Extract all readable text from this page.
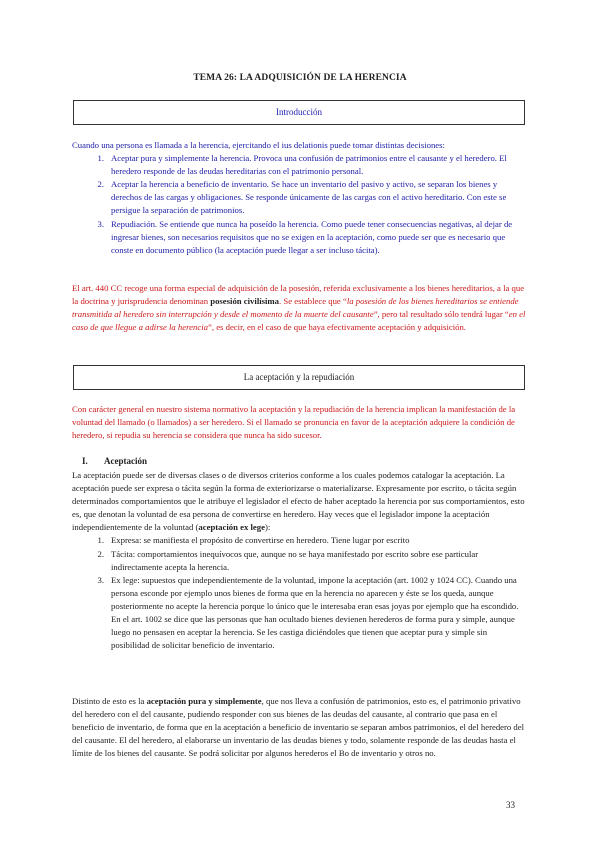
TEMA 26: LA ADQUISICIÓN DE LA HERENCIA
Introducción
Cuando una persona es llamada a la herencia, ejercitando el ius delationis puede tomar distintas decisiones:
1. Aceptar pura y simplemente la herencia. Provoca una confusión de patrimonios entre el causante y el heredero. El heredero responde de las deudas hereditarias con el patrimonio personal.
2. Aceptar la herencia a beneficio de inventario. Se hace un inventario del pasivo y activo, se separan los bienes y derechos de las cargas y obligaciones. Se responde únicamente de las cargas con el activo hereditario. Con este se persigue la separación de patrimonios.
3. Repudiación. Se entiende que nunca ha poseído la herencia. Como puede tener consecuencias negativas, al dejar de ingresar bienes, son necesarios requisitos que no se exigen en la aceptación, como puede ser que es necesario que conste en documento público (la aceptación puede llegar a ser incluso tácita).
El art. 440 CC recoge una forma especial de adquisición de la posesión, referida exclusivamente a los bienes hereditarios, a la que la doctrina y jurisprudencia denominan posesión civilísima. Se establece que “la posesión de los bienes hereditarios se entiende transmitida al heredero sin interrupción y desde el momento de la muerte del causante”, pero tal resultado sólo tendrá lugar “en el caso de que llegue a adirse la herencia”, es decir, en el caso de que haya efectivamente aceptación y adquisición.
La aceptación y la repudiación
Con carácter general en nuestro sistema normativo la aceptación y la repudiación de la herencia implican la manifestación de la voluntad del llamado (o llamados) a ser heredero. Si el llamado se pronuncia en favor de la aceptación adquiere la condición de heredero, si repudia su herencia se considera que nunca ha sido sucesor.
I. Aceptación
La aceptación puede ser de diversas clases o de diversos criterios conforme a los cuales podemos catalogar la aceptación. La aceptación puede ser expresa o tácita según la forma de exteriorizarse o materializarse. Expresamente por escrito, o tácita según determinados comportamientos que le atribuye el legislador el efecto de haber aceptado la herencia por sus comportamientos, esto es, que denotan la voluntad de esa persona de convertirse en heredero. Hay veces que el legislador impone la aceptación independientemente de la voluntad (aceptación ex lege):
1. Expresa: se manifiesta el propósito de convertirse en heredero. Tiene lugar por escrito
2. Tácita: comportamientos inequívocos que, aunque no se haya manifestado por escrito sobre ese particular indirectamente acepta la herencia.
3. Ex lege: supuestos que independientemente de la voluntad, impone la aceptación (art. 1002 y 1024 CC). Cuando una persona esconde por ejemplo unos bienes de forma que en la herencia no aparecen y éste se los queda, aunque posteriormente no acepte la herencia porque lo único que le interesaba eran esas joyas por ejemplo que ha escondido.
En el art. 1002 se dice que las personas que han ocultado bienes devienen herederos de forma pura y simple, aunque luego no pensasen en aceptar la herencia. Se les castiga diciéndoles que tienen que aceptar pura y simple sin posibilidad de solicitar beneficio de inventario.
Distinto de esto es la aceptación pura y simplemente, que nos lleva a confusión de patrimonios, esto es, el patrimonio privativo del heredero con el del causante, pudiendo responder con sus bienes de las deudas del causante, al contrario que pasa en el beneficio de inventario, de forma que en la aceptación a beneficio de inventario se separan ambos patrimonios, el del heredero del del causante. El del heredero, al elaborarse un inventario de las deudas bienes y todo, solamente responde de las deudas hasta el límite de los bienes del causante. Se podrá solicitar por algunos herederos el Bo de inventario y otros no.
33
